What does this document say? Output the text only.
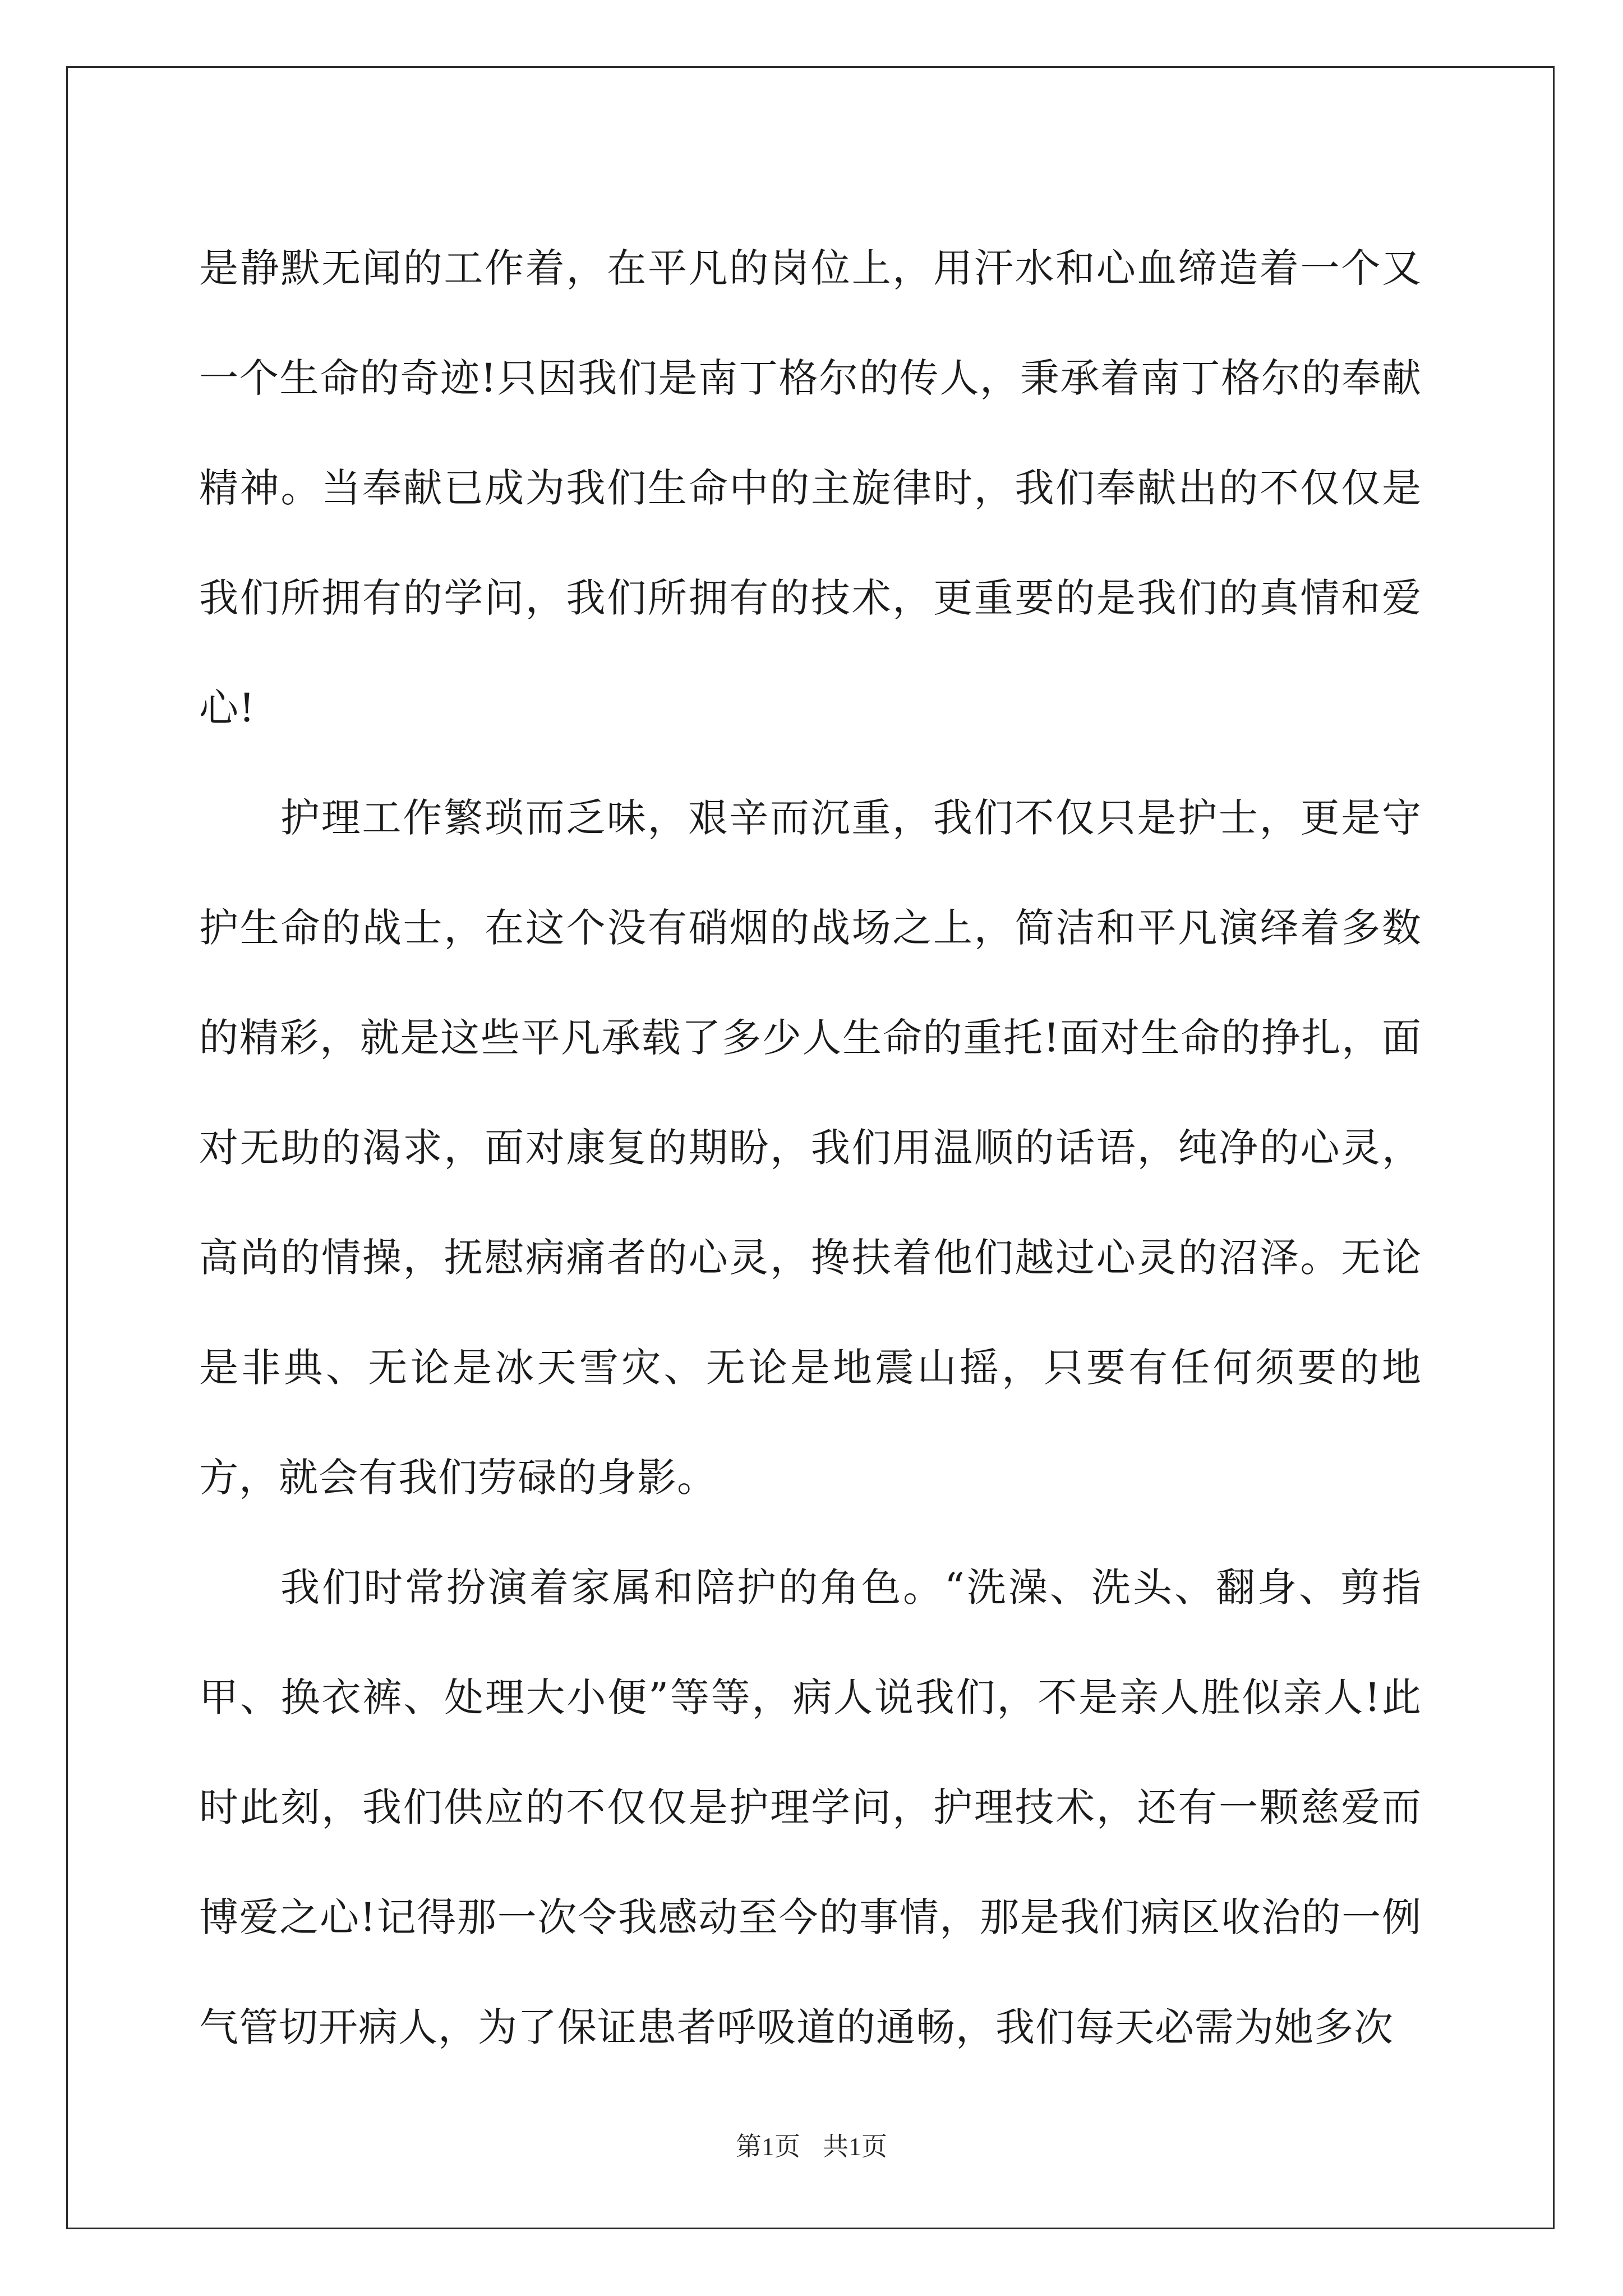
是静默无闻的工作着，在平凡的岗位上，用汗水和心血缔造着一个又一个生命的奇迹!只因我们是南丁格尔的传人，秉承着南丁格尔的奉献精神。当奉献已成为我们生命中的主旋律时，我们奉献出的不仅仅是我们所拥有的学问，我们所拥有的技术，更重要的是我们的真情和爱心!

护理工作繁琐而乏味，艰辛而沉重，我们不仅只是护士，更是守护生命的战士，在这个没有硝烟的战场之上，简洁和平凡演绎着多数的精彩，就是这些平凡承载了多少人生命的重托!面对生命的挣扎，面对无助的渴求，面对康复的期盼，我们用温顺的话语，纯净的心灵，高尚的情操，抚慰病痛者的心灵，搀扶着他们越过心灵的沼泽。无论是非典、无论是冰天雪灾、无论是地震山摇，只要有任何须要的地方，就会有我们劳碌的身影。

我们时常扮演着家属和陪护的角色。“洗澡、洗头、翻身、剪指甲、换衣裤、处理大小便”等等，病人说我们，不是亲人胜似亲人!此时此刻，我们供应的不仅仅是护理学问，护理技术，还有一颗慈爱而博爱之心!记得那一次令我感动至今的事情，那是我们病区收治的一例气管切开病人，为了保证患者呼吸道的通畅，我们每天必需为她多次

第1页 共1页
